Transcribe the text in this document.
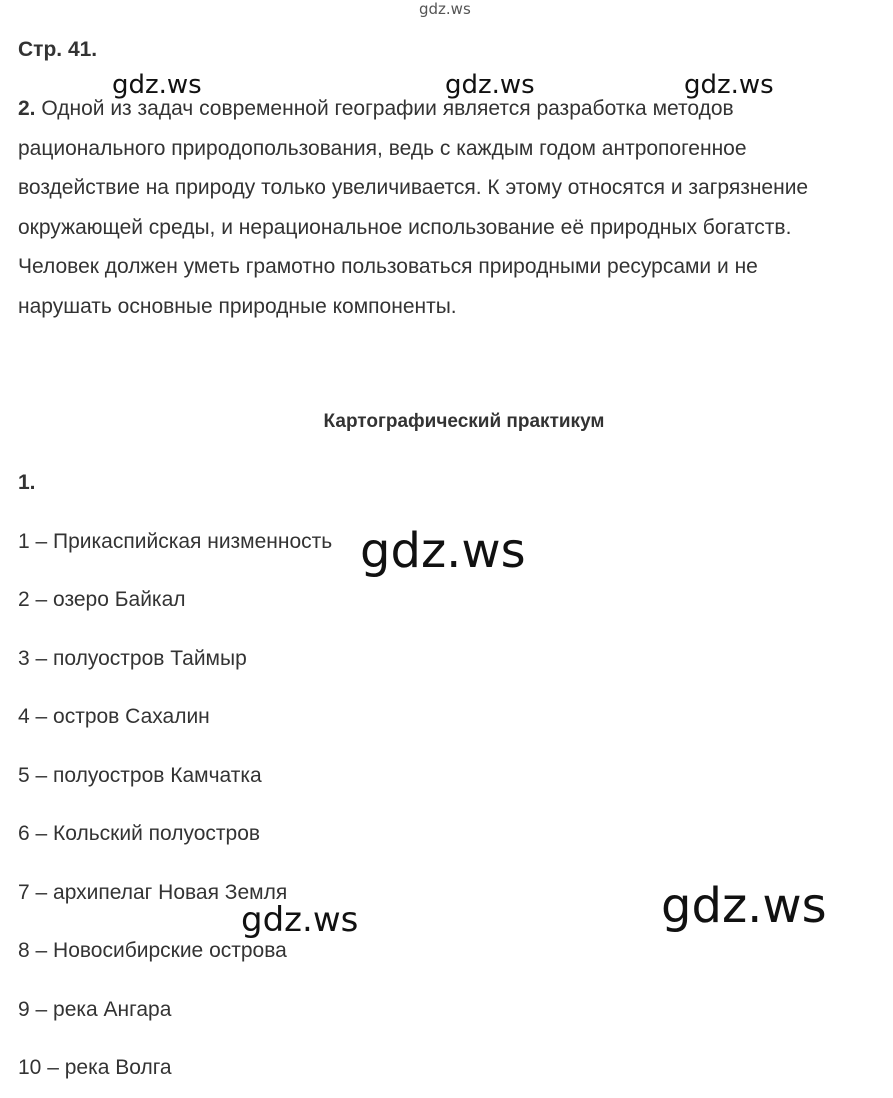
gdz.ws
Стр. 41.
2. Одной из задач современной географии является разработка методов
рационального природопользования, ведь с каждым годом антропогенное
воздействие на природу только увеличивается. К этому относятся и загрязнение
окружающей среды, и нерациональное использование её природных богатств.
Человек должен уметь грамотно пользоваться природными ресурсами и не
нарушать основные природные компоненты.
Картографический практикум
1.
1 – Прикаспийская низменность
2 – озеро Байкал
3 – полуостров Таймыр
4 – остров Сахалин
5 – полуостров Камчатка
6 – Кольский полуостров
7 – архипелаг Новая Земля
8 – Новосибирские острова
9 – река Ангара
10 – река Волга
gdz.ws	gdz.ws	gdz.ws
gdz.ws
gdz.ws
gdz.ws
